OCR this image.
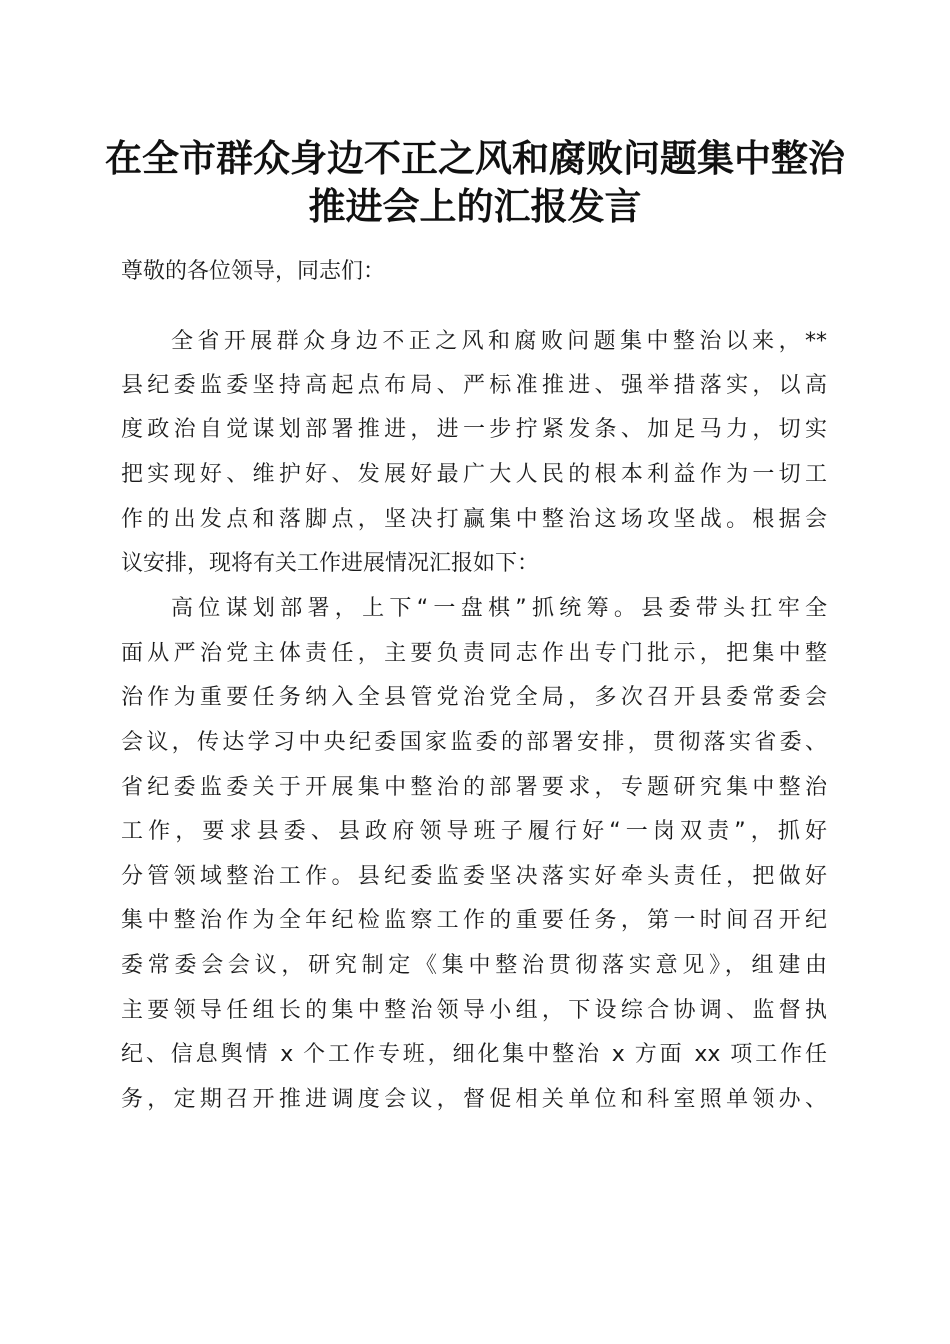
在全市群众身边不正之风和腐败问题集中整治
推进会上的汇报发言
尊敬的各位领导，同志们：
全省开展群众身边不正之风和腐败问题集中整治以来，**
县纪委监委坚持高起点布局、严标准推进、强举措落实，以高
度政治自觉谋划部署推进，进一步拧紧发条、加足马力，切实
把实现好、维护好、发展好最广大人民的根本利益作为一切工
作的出发点和落脚点，坚决打赢集中整治这场攻坚战。根据会
议安排，现将有关工作进展情况汇报如下：
高位谋划部署，上下“一盘棋”抓统筹。县委带头扛牢全
面从严治党主体责任，主要负责同志作出专门批示，把集中整
治作为重要任务纳入全县管党治党全局，多次召开县委常委会
会议，传达学习中央纪委国家监委的部署安排，贯彻落实省委、
省纪委监委关于开展集中整治的部署要求，专题研究集中整治
工作，要求县委、县政府领导班子履行好“一岗双责”，抓好
分管领域整治工作。县纪委监委坚决落实好牵头责任，把做好
集中整治作为全年纪检监察工作的重要任务，第一时间召开纪
委常委会会议，研究制定《集中整治贯彻落实意见》，组建由
主要领导任组长的集中整治领导小组，下设综合协调、监督执
纪、信息舆情 x 个工作专班，细化集中整治 x 方面 xx 项工作任
务，定期召开推进调度会议，督促相关单位和科室照单领办、
